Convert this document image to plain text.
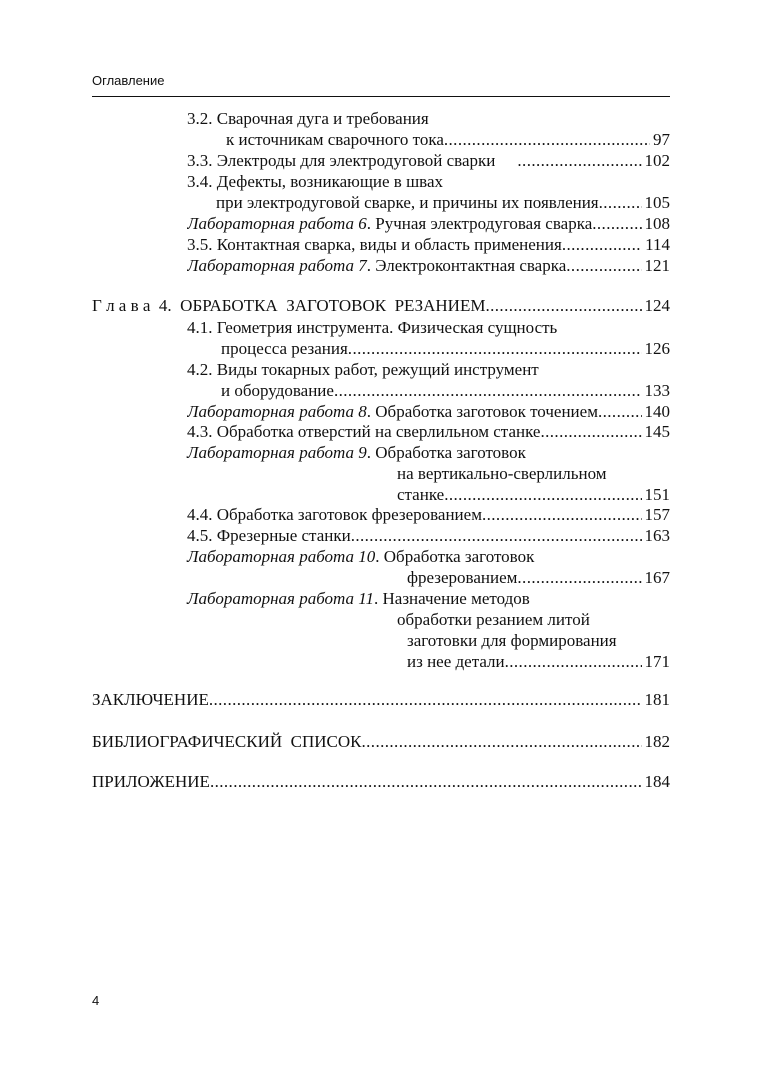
Оглавление
3.2. Сварочная дуга и требования
к источникам сварочного тока .....	97
3.3. Электроды для электродуговой сварки .....	102
3.4. Дефекты, возникающие в швах
при электродуговой сварке, и причины их появления .....	105
Лабораторная работа 6. Ручная электродуговая сварка .....	108
3.5. Контактная сварка, виды и область применения .....	114
Лабораторная работа 7. Электроконтактная сварка .....	121
Г л а в а  4.  ОБРАБОТКА  ЗАГОТОВОК  РЕЗАНИЕМ .....	124
4.1. Геометрия инструмента. Физическая сущность
процесса резания .....	126
4.2. Виды токарных работ, режущий инструмент
и оборудование .....	133
Лабораторная работа 8. Обработка заготовок точением .....	140
4.3. Обработка отверстий на сверлильном станке .....	145
Лабораторная работа 9. Обработка заготовок
на вертикально-сверлильном
станке .....	151
4.4. Обработка заготовок фрезерованием .....	157
4.5. Фрезерные станки .....	163
Лабораторная работа 10. Обработка заготовок
фрезерованием .....	167
Лабораторная работа 11. Назначение методов
обработки резанием литой
заготовки для формирования
из нее детали .....	171
ЗАКЛЮЧЕНИЕ .....	181
БИБЛИОГРАФИЧЕСКИЙ  СПИСОК .....	182
ПРИЛОЖЕНИЕ .....	184
4
